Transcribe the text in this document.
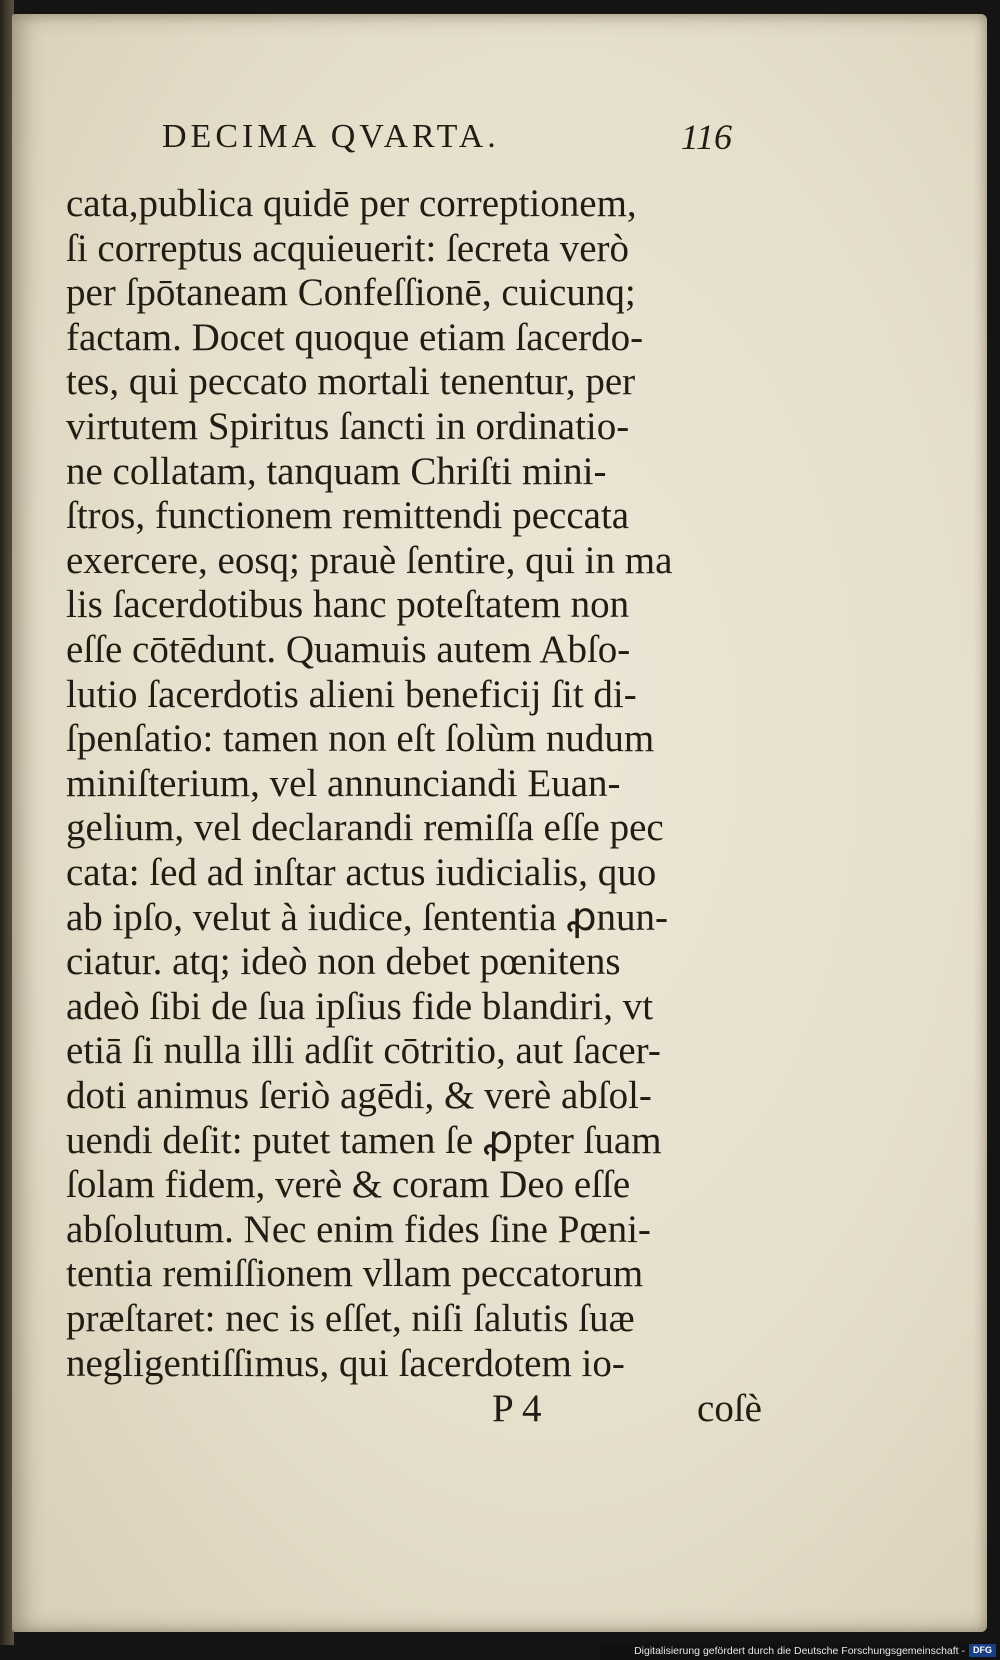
DECIMA QVARTA.	116
cata,publica quidē per correptionem,
ſi correptus acquieuerit: ſecreta verò
per ſpōtaneam Confeſſionē, cuicunq;
factam. Docet quoque etiam ſacerdo-
tes, qui peccato mortali tenentur, per
virtutem Spiritus ſancti in ordinatio-
ne collatam, tanquam Chriſti mini-
ſtros, functionem remittendi peccata
exercere, eosq; prauè ſentire, qui in ma
lis ſacerdotibus hanc poteſtatem non
eſſe cōtēdunt. Quamuis autem Abſo-
lutio ſacerdotis alieni beneficij ſit di-
ſpenſatio: tamen non eſt ſolùm nudum
miniſterium, vel annunciandi Euan-
gelium, vel declarandi remiſſa eſſe pec
cata: ſed ad inſtar actus iudicialis, quo
ab ipſo, velut à iudice, ſententia ꝓnun-
ciatur. atq; ideò non debet pœnitens
adeò ſibi de ſua ipſius fide blandiri, vt
etiā ſi nulla illi adſit cōtritio, aut ſacer-
doti animus ſeriò agēdi, & verè abſol-
uendi deſit: putet tamen ſe ꝓpter ſuam
ſolam fidem, verè & coram Deo eſſe
abſolutum. Nec enim fides ſine Pœni-
tentia remiſſionem vllam peccatorum
præſtaret: nec is eſſet, niſi ſalutis ſuæ
negligentiſſimus, qui ſacerdotem io-
P 4	coſè
Digitalisierung gefördert durch die Deutsche Forschungsgemeinschaft - DFG
